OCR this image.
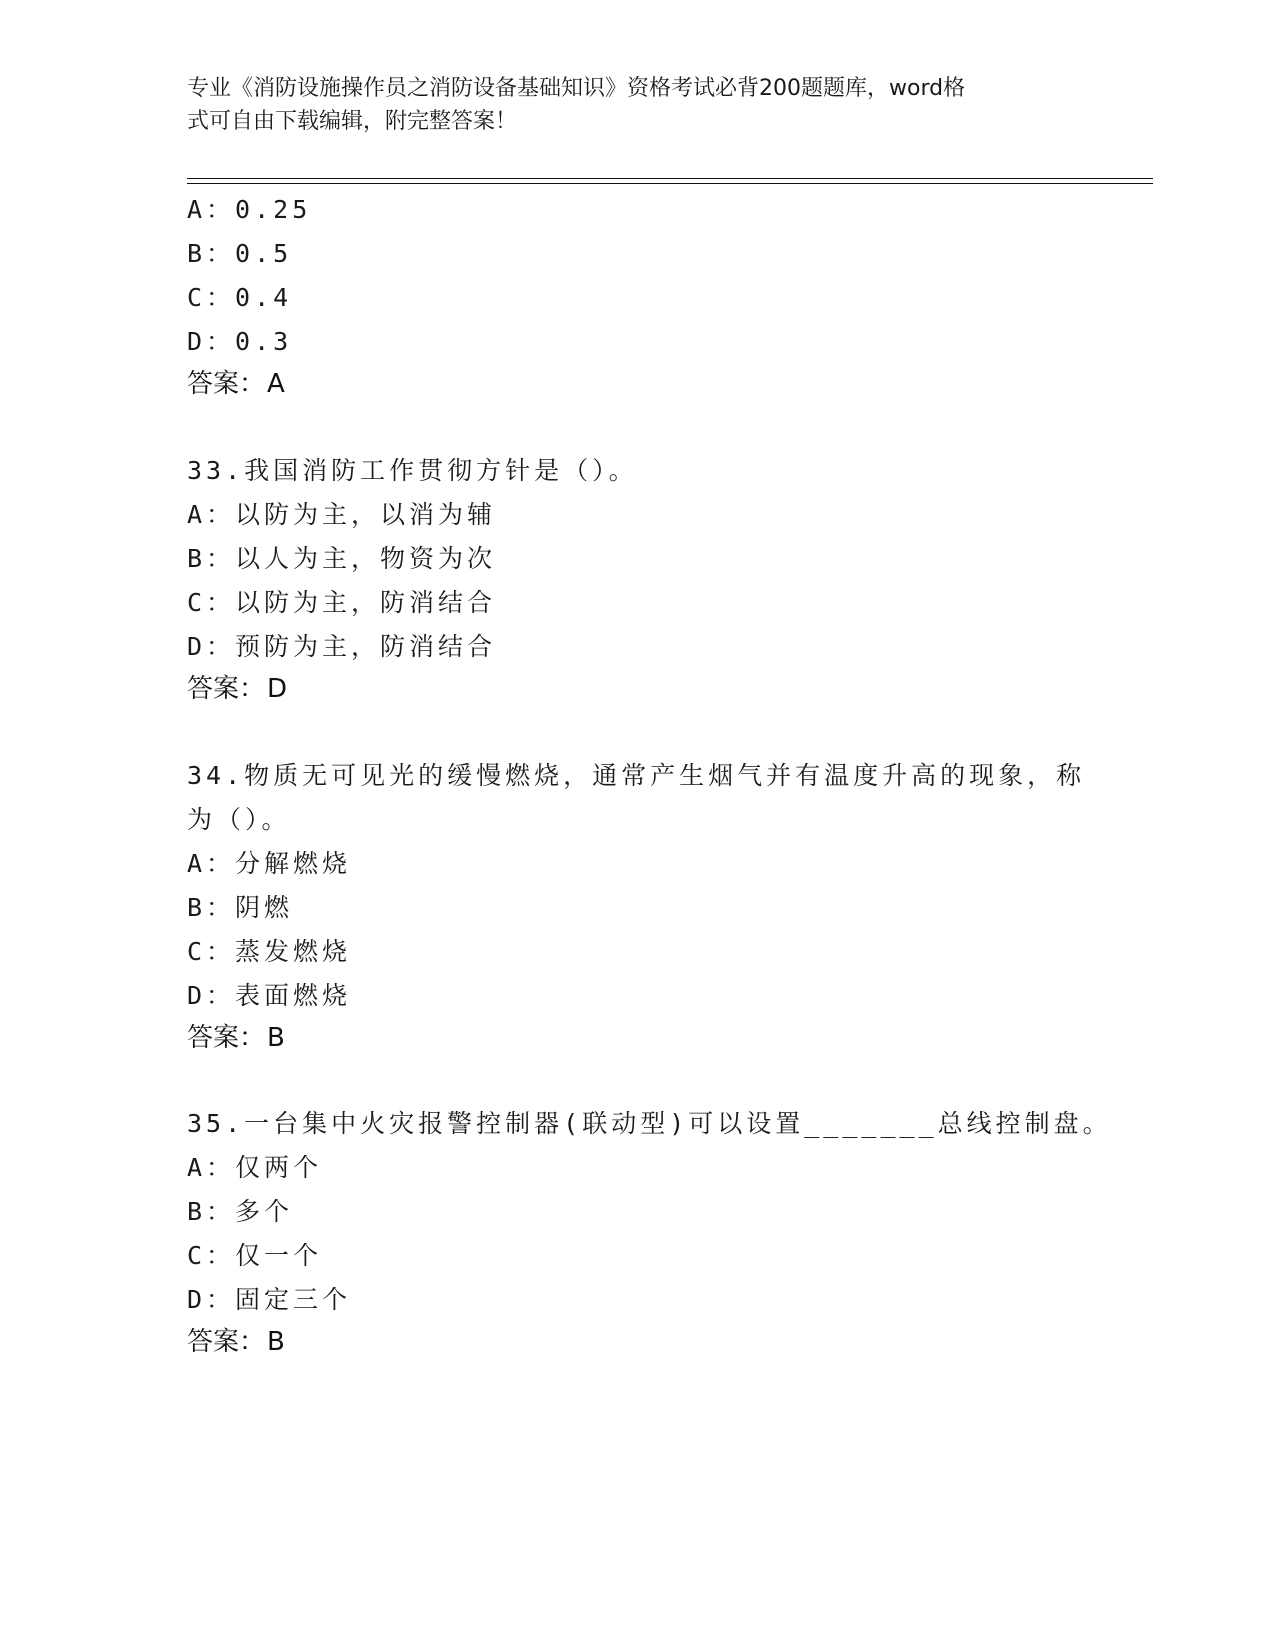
专业《消防设施操作员之消防设备基础知识》资格考试必背200题题库，word格
式可自由下载编辑，附完整答案！
A：0.25
B：0.5
C：0.4
D：0.3
答案：A
33.我国消防工作贯彻方针是（）。
A：以防为主，以消为辅
B：以人为主，物资为次
C：以防为主，防消结合
D：预防为主，防消结合
答案：D
34.物质无可见光的缓慢燃烧，通常产生烟气并有温度升高的现象，称
为（）。
A：分解燃烧
B：阴燃
C：蒸发燃烧
D：表面燃烧
答案：B
35.一台集中火灾报警控制器(联动型)可以设置_______总线控制盘。
A：仅两个
B：多个
C：仅一个
D：固定三个
答案：B
